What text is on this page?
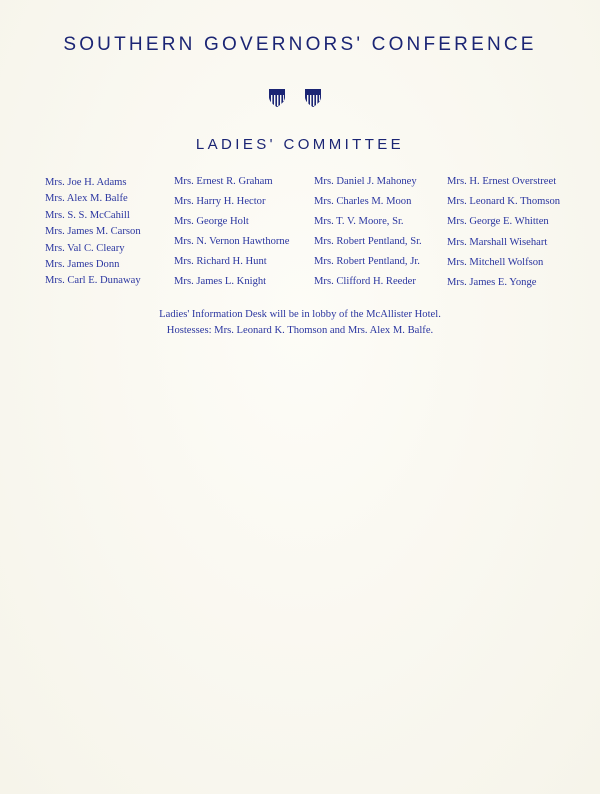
SOUTHERN GOVERNORS' CONFERENCE
LADIES' COMMITTEE
Mrs. Joe H. Adams
Mrs. Alex M. Balfe
Mrs. S. S. McCahill
Mrs. James M. Carson
Mrs. Val C. Cleary
Mrs. James Donn
Mrs. Carl E. Dunaway
Mrs. Ernest R. Graham
Mrs. Harry H. Hector
Mrs. George Holt
Mrs. N. Vernon Hawthorne
Mrs. Richard H. Hunt
Mrs. James L. Knight
Mrs. Daniel J. Mahoney
Mrs. Charles M. Moon
Mrs. T. V. Moore, Sr.
Mrs. Robert Pentland, Sr.
Mrs. Robert Pentland, Jr.
Mrs. Clifford H. Reeder
Mrs. H. Ernest Overstreet
Mrs. Leonard K. Thomson
Mrs. George E. Whitten
Mrs. Marshall Wisehart
Mrs. Mitchell Wolfson
Mrs. James E. Yonge
Ladies' Information Desk will be in lobby of the McAllister Hotel.
Hostesses: Mrs. Leonard K. Thomson and Mrs. Alex M. Balfe.
